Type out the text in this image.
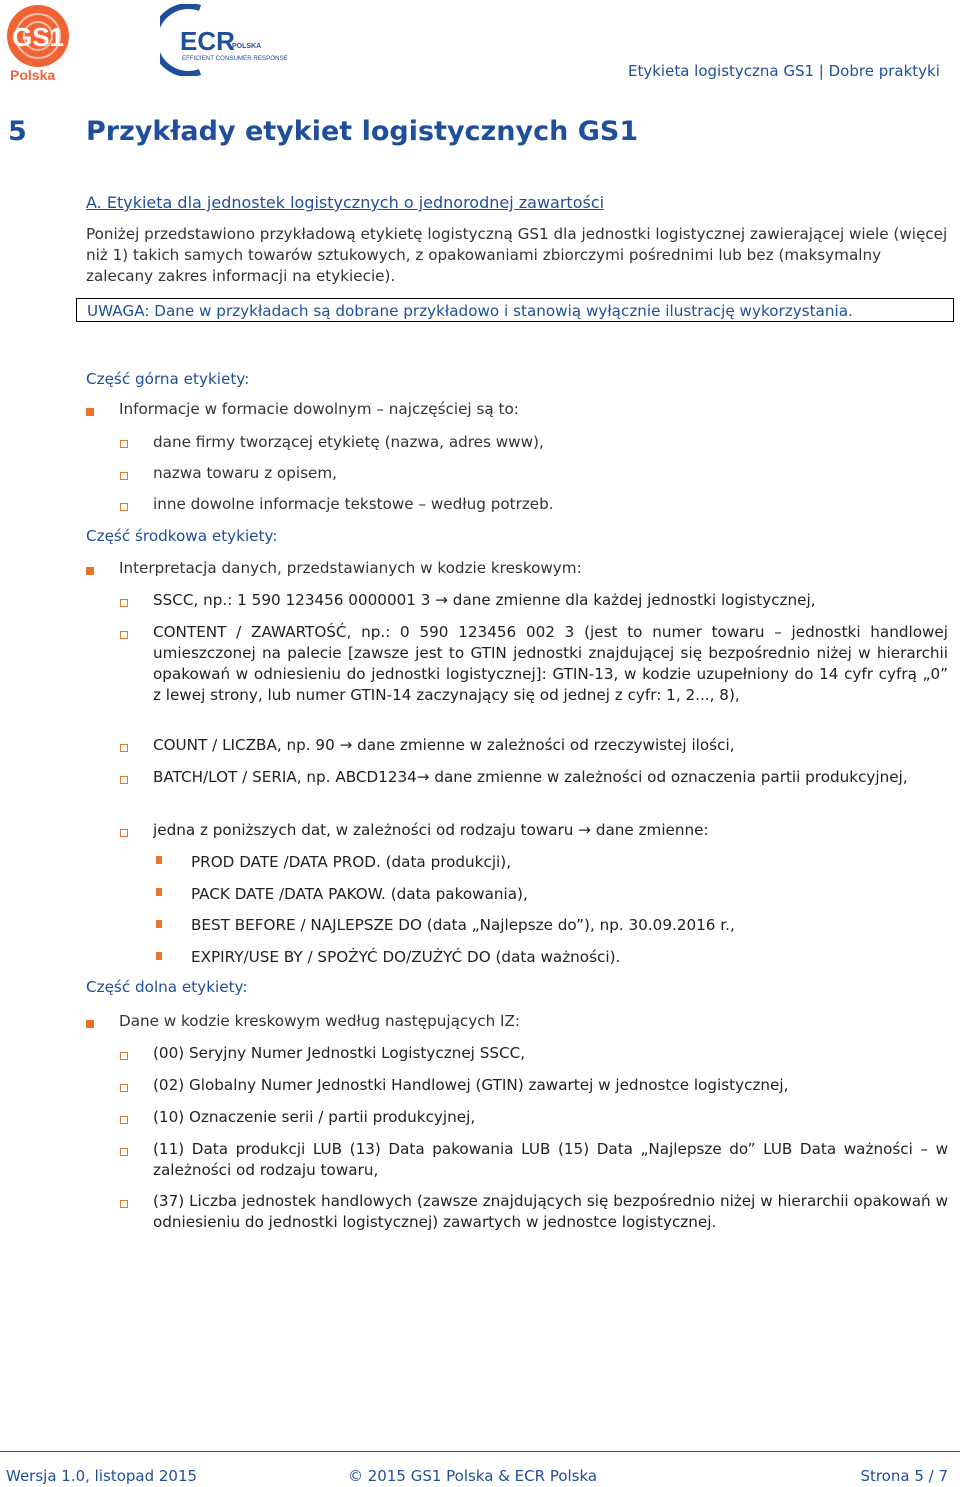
GS1
Polska
ECR
POLSKA
EFFICIENT CONSUMER RESPONSE
Etykieta logistyczna GS1 | Dobre praktyki
5 Przykłady etykiet logistycznych GS1
A. Etykieta dla jednostek logistycznych o jednorodnej zawartości
Poniżej przedstawiono przykładową etykietę logistyczną GS1 dla jednostki logistycznej zawierającej wiele (więcej niż 1) takich samych towarów sztukowych, z opakowaniami zbiorczymi pośrednimi lub bez (maksymalny zalecany zakres informacji na etykiecie).
UWAGA: Dane w przykładach są dobrane przykładowo i stanowią wyłącznie ilustrację wykorzystania.
Część górna etykiety:
Informacje w formacie dowolnym – najczęściej są to:
dane firmy tworzącej etykietę (nazwa, adres www),
nazwa towaru z opisem,
inne dowolne informacje tekstowe – według potrzeb.
Część środkowa etykiety:
Interpretacja danych, przedstawianych w kodzie kreskowym:
SSCC, np.: 1 590 123456 0000001 3 → dane zmienne dla każdej jednostki logistycznej,
CONTENT / ZAWARTOŚĆ, np.: 0 590 123456 002 3 (jest to numer towaru – jednostki handlowej umieszczonej na palecie [zawsze jest to GTIN jednostki znajdującej się bezpośrednio niżej w hierarchii opakowań w odniesieniu do jednostki logistycznej]: GTIN-13, w kodzie uzupełniony do 14 cyfr cyfrą „0” z lewej strony, lub numer GTIN-14 zaczynający się od jednej z cyfr: 1, 2..., 8),
COUNT / LICZBA, np. 90 → dane zmienne w zależności od rzeczywistej ilości,
BATCH/LOT / SERIA, np. ABCD1234→ dane zmienne w zależności od oznaczenia partii produkcyjnej,
jedna z poniższych dat, w zależności od rodzaju towaru → dane zmienne:
PROD DATE /DATA PROD. (data produkcji),
PACK DATE /DATA PAKOW. (data pakowania),
BEST BEFORE / NAJLEPSZE DO (data „Najlepsze do”), np. 30.09.2016 r.,
EXPIRY/USE BY / SPOŻYĆ DO/ZUŻYĆ DO (data ważności).
Część dolna etykiety:
Dane w kodzie kreskowym według następujących IZ:
(00) Seryjny Numer Jednostki Logistycznej SSCC,
(02) Globalny Numer Jednostki Handlowej (GTIN) zawartej w jednostce logistycznej,
(10) Oznaczenie serii / partii produkcyjnej,
(11) Data produkcji LUB (13) Data pakowania LUB (15) Data „Najlepsze do” LUB Data ważności – w zależności od rodzaju towaru,
(37) Liczba jednostek handlowych (zawsze znajdujących się bezpośrednio niżej w hierarchii opakowań w odniesieniu do jednostki logistycznej) zawartych w jednostce logistycznej.
Wersja 1.0, listopad 2015	© 2015 GS1 Polska & ECR Polska	Strona 5 / 7
